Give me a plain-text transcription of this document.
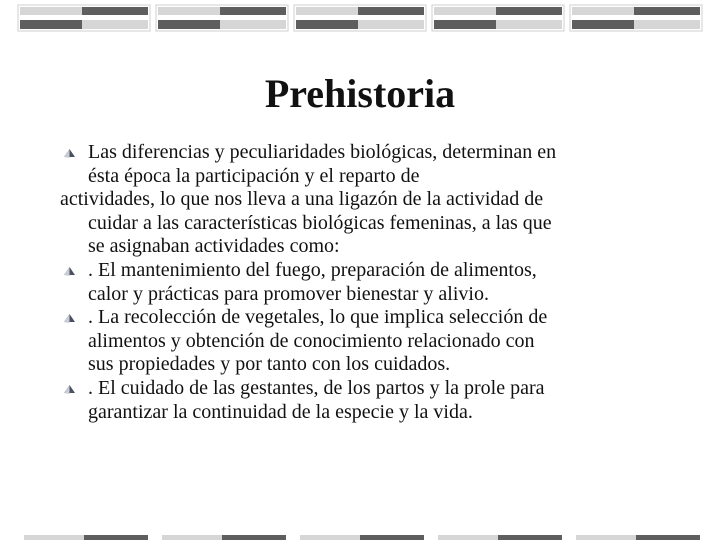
Prehistoria
Las diferencias y peculiaridades biológicas, determinan en
ésta época la participación y el reparto de
actividades, lo que nos lleva a una ligazón de la actividad de
cuidar a las características biológicas femeninas, a las que
se asignaban actividades como:
. El mantenimiento del fuego, preparación de alimentos,
calor y prácticas para promover bienestar y alivio.
. La recolección de vegetales, lo que implica selección de
alimentos y obtención de conocimiento relacionado con
sus propiedades y por tanto con los cuidados.
. El cuidado de las gestantes, de los partos y la prole para
garantizar la continuidad de la especie y la vida.
